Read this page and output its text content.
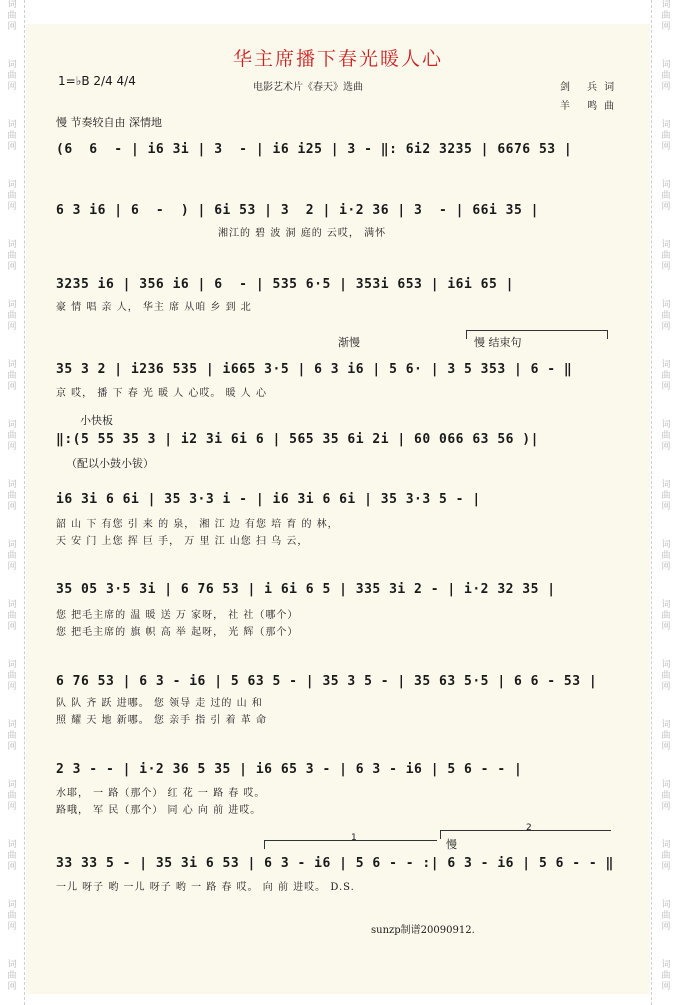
词
曲
网
词
曲
网
词
曲
网
词
曲
网
词
曲
网
词
曲
网
词
曲
网
词
曲
网
词
曲
网
词
曲
网
词
曲
网
词
曲
网
词
曲
网
词
曲
网
词
曲
网
词
曲
网
词
曲
网
词
曲
网
词
曲
网
词
曲
网
词
曲
网
词
曲
网
词
曲
网
词
曲
网
词
曲
网
词
曲
网
词
曲
网
词
曲
网
词
曲
网
词
曲
网
词
曲
网
词
曲
网
词
曲
网
词
曲
网
华主席播下春光暖人心
1=♭B 2/4 4/4	电影艺术片《春天》选曲	剑 兵词
羊 鸣曲
慢 节奏较自由 深情地
渐慢	慢 结束句
小快板
（配以小鼓小钹）
慢
1
2
(6  6  - | i6 3i | 3  - | i6 i25 | 3 - ‖: 6i2 3235 | 6676 53 |
6 3 i6 | 6  -  ) | 6i 53 | 3  2 | i·2 36 | 3  - | 66i 35 |
湘江的 碧 波 洞 庭的 云哎， 满怀
3235 i6 | 356 i6 | 6  - | 535 6·5 | 353i 653 | i6i 65 |
豪 情 唱 亲 人， 华主 席 从咱 乡 到 北
35 3 2 | i236 535 | i665 3·5 | 6 3 i6 | 5 6· | 3 5 353 | 6 - ‖
京 哎， 播 下 春 光 暖 人 心哎。 暖 人 心
‖:(5 55 35 3 | i2 3i 6i 6 | 565 35 6i 2i | 60 066 63 56 )|
i6 3i 6 6i | 35 3·3 i - | i6 3i 6 6i | 35 3·3 5 - |
韶 山 下 有您 引 来 的 泉， 湘 江 边 有您 培 育 的 林，
天 安 门 上您 挥 巨 手， 万 里 江 山您 扫 乌 云，
35 05 3·5 3i | 6 76 53 | i 6i 6 5 | 335 3i 2 - | i·2 32 35 |
您 把毛主席的 温 暖 送 万 家呀， 社 社（哪个）
您 把毛主席的 旗 帜 高 举 起呀， 光 辉（那个）
6 76 53 | 6 3 - i6 | 5 63 5 - | 35 3 5 - | 35 63 5·5 | 6 6 - 53 |
队 队 齐 跃 进哪。 您 领导 走 过的 山 和
照 耀 天 地 新哪。 您 亲手 指 引 着 革 命
2 3 - - | i·2 36 5 35 | i6 65 3 - | 6 3 - i6 | 5 6 - - |
水耶， 一 路（那个） 红 花 一 路 春 哎。
路哦， 军 民（那个） 同 心 向 前 进哎。
33 33 5 - | 35 3i 6 53 | 6 3 - i6 | 5 6 - - :| 6 3 - i6 | 5 6 - - ‖
一儿 呀子 哟 一儿 呀子 哟 一 路 春 哎。 向 前 进哎。 D.S.
sunzp制谱20090912.
